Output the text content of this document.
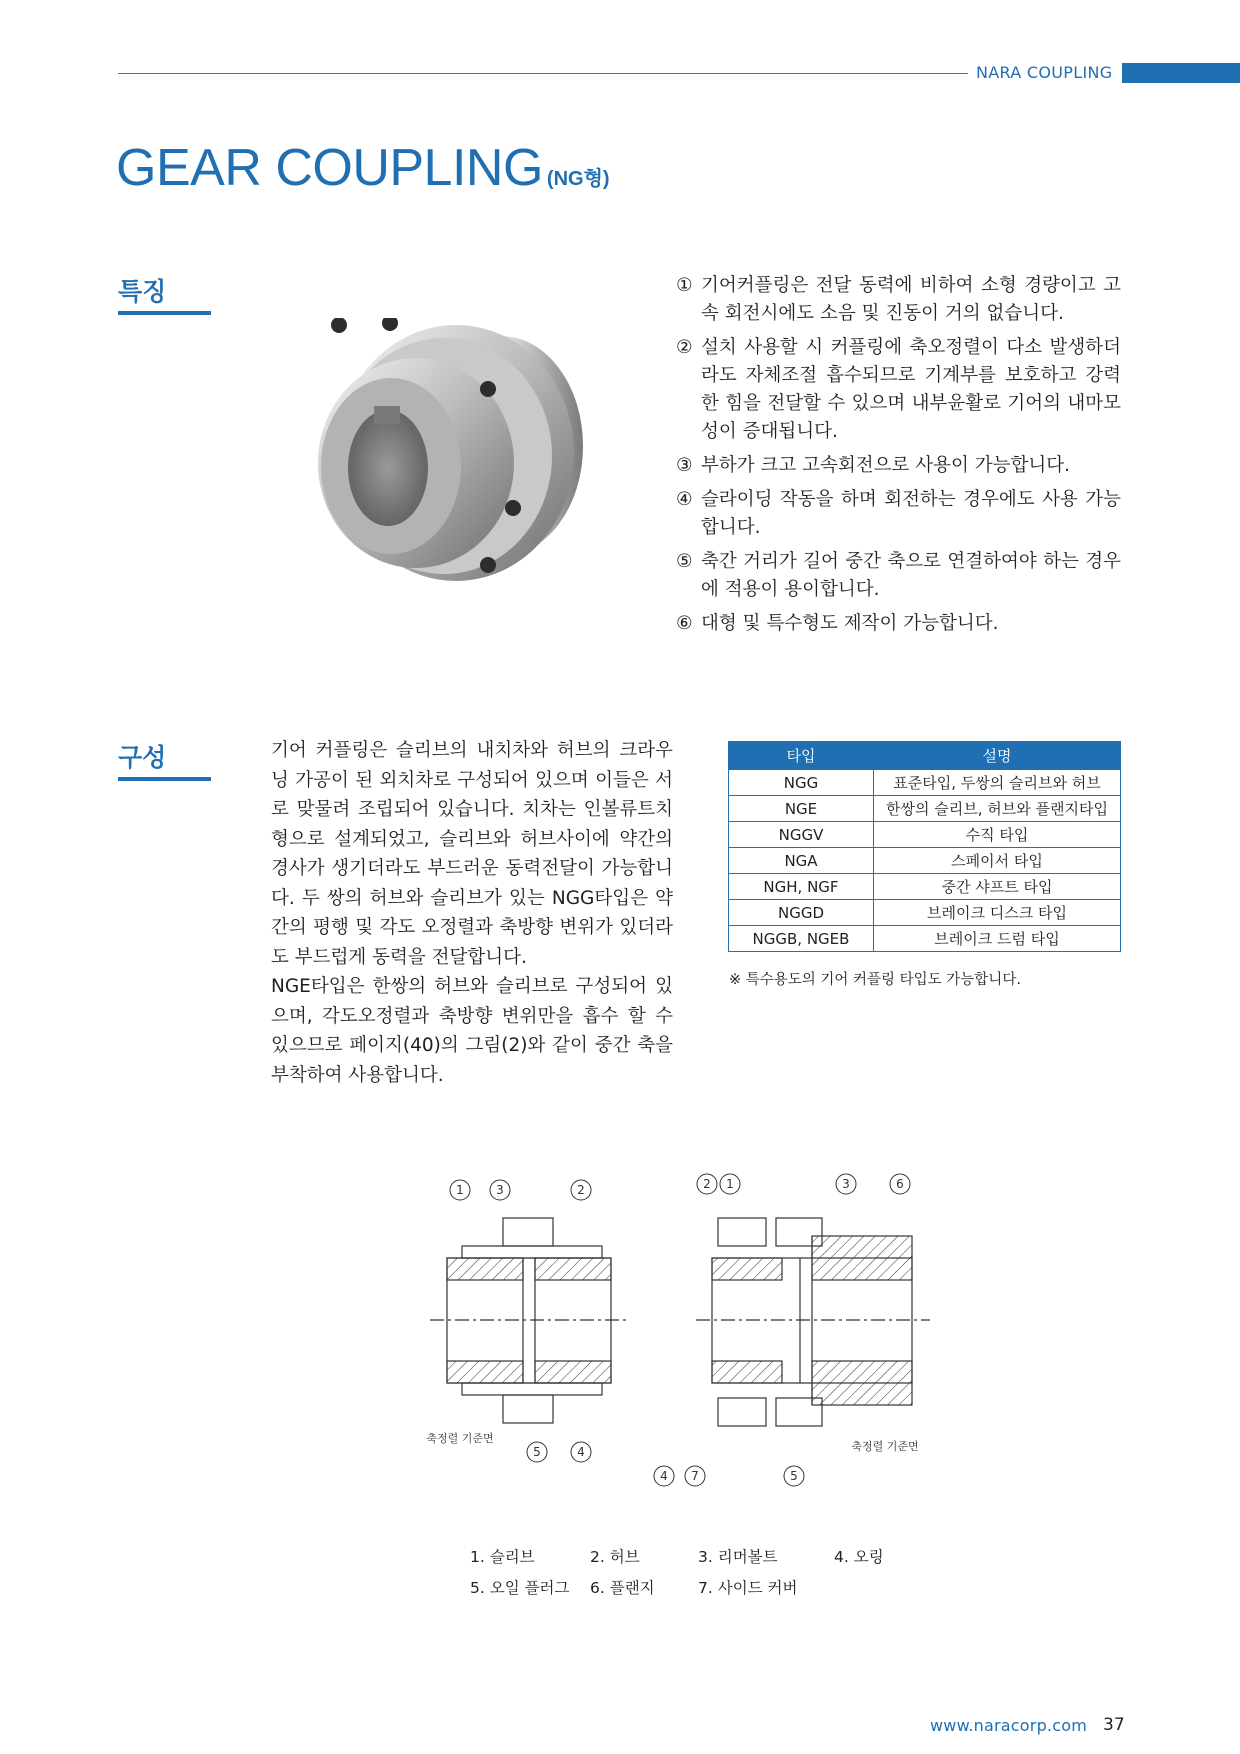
NARA COUPLING
GEAR COUPLING (NG형)
특징	① 기어커플링은 전달 동력에 비하여 소형 경량이고 고속 회전시에도 소음 및 진동이 거의 없습니다.
② 설치 사용할 시 커플링에 축오정렬이 다소 발생하더라도 자체조절 흡수되므로 기계부를 보호하고 강력한 힘을 전달할 수 있으며 내부윤활로 기어의 내마모성이 증대됩니다.
③ 부하가 크고 고속회전으로 사용이 가능합니다.
④ 슬라이딩 작동을 하며 회전하는 경우에도 사용 가능합니다.
⑤ 축간 거리가 길어 중간 축으로 연결하여야 하는 경우에 적용이 용이합니다.
⑥ 대형 및 특수형도 제작이 가능합니다.
구성	기어 커플링은 슬리브의 내치차와 허브의 크라우닝 가공이 된 외치차로 구성되어 있으며 이들은 서로 맞물려 조립되어 있습니다. 치차는 인볼류트치형으로 설계되었고, 슬리브와 허브사이에 약간의 경사가 생기더라도 부드러운 동력전달이 가능합니다. 두 쌍의 허브와 슬리브가 있는 NGG타입은 약간의 평행 및 각도 오정렬과 축방향 변위가 있더라도 부드럽게 동력을 전달합니다.

NGE타입은 한쌍의 허브와 슬리브로 구성되어 있으며, 각도오정렬과 축방향 변위만을 흡수 할 수 있으므로 페이지(40)의 그림(2)와 같이 중간 축을 부착하여 사용합니다.

타입	설명
NGG	표준타입, 두쌍의 슬리브와 허브
NGE	한쌍의 슬리브, 허브와 플랜지타입
NGGV	수직 타입
NGA	스페이서 타입
NGH, NGF	중간 샤프트 타입
NGGD	브레이크 디스크 타입
NGGB, NGEB	브레이크 드럼 타입
※ 특수용도의 기어 커플링 타입도 가능합니다.
1	3	2
5	4
축정렬 기준면
2 1	3	6
4 7	5
축정렬 기준면
1. 슬리브	2. 허브	3. 리머볼트	4. 오링
5. 오일 플러그 6. 플랜지	7. 사이드 커버
www.naracorp.com 37
